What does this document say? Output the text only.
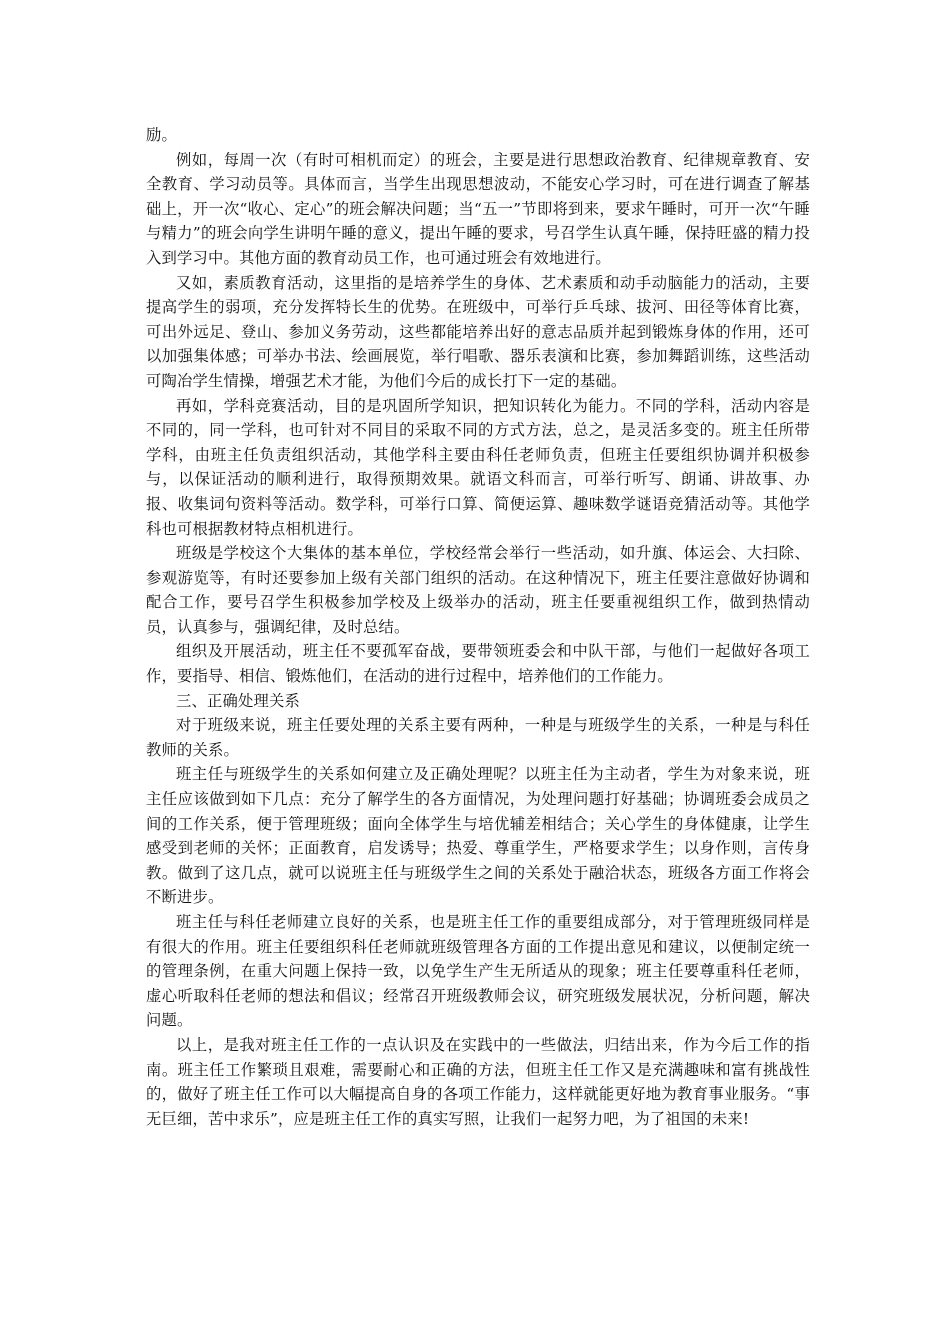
励。

例如，每周一次（有时可相机而定）的班会，主要是进行思想政治教育、纪律规章教育、安全教育、学习动员等。具体而言，当学生出现思想波动，不能安心学习时，可在进行调查了解基础上，开一次“收心、定心”的班会解决问题；当“五一”节即将到来，要求午睡时，可开一次“午睡与精力”的班会向学生讲明午睡的意义，提出午睡的要求，号召学生认真午睡，保持旺盛的精力投入到学习中。其他方面的教育动员工作，也可通过班会有效地进行。

又如，素质教育活动，这里指的是培养学生的身体、艺术素质和动手动脑能力的活动，主要提高学生的弱项，充分发挥特长生的优势。在班级中，可举行乒乓球、拔河、田径等体育比赛，可出外远足、登山、参加义务劳动，这些都能培养出好的意志品质并起到锻炼身体的作用，还可以加强集体感；可举办书法、绘画展览，举行唱歌、器乐表演和比赛，参加舞蹈训练，这些活动可陶冶学生情操，增强艺术才能，为他们今后的成长打下一定的基础。

再如，学科竞赛活动，目的是巩固所学知识，把知识转化为能力。不同的学科，活动内容是不同的，同一学科，也可针对不同目的采取不同的方式方法，总之，是灵活多变的。班主任所带学科，由班主任负责组织活动，其他学科主要由科任老师负责，但班主任要组织协调并积极参与，以保证活动的顺利进行，取得预期效果。就语文科而言，可举行听写、朗诵、讲故事、办报、收集词句资料等活动。数学科，可举行口算、简便运算、趣味数学谜语竞猜活动等。其他学科也可根据教材特点相机进行。

班级是学校这个大集体的基本单位，学校经常会举行一些活动，如升旗、体运会、大扫除、参观游览等，有时还要参加上级有关部门组织的活动。在这种情况下，班主任要注意做好协调和配合工作，要号召学生积极参加学校及上级举办的活动，班主任要重视组织工作，做到热情动员，认真参与，强调纪律，及时总结。

组织及开展活动，班主任不要孤军奋战，要带领班委会和中队干部，与他们一起做好各项工作，要指导、相信、锻炼他们，在活动的进行过程中，培养他们的工作能力。

三、正确处理关系

对于班级来说，班主任要处理的关系主要有两种，一种是与班级学生的关系，一种是与科任教师的关系。

班主任与班级学生的关系如何建立及正确处理呢？以班主任为主动者，学生为对象来说，班主任应该做到如下几点：充分了解学生的各方面情况，为处理问题打好基础；协调班委会成员之间的工作关系，便于管理班级；面向全体学生与培优辅差相结合；关心学生的身体健康，让学生感受到老师的关怀；正面教育，启发诱导；热爱、尊重学生，严格要求学生；以身作则，言传身教。做到了这几点，就可以说班主任与班级学生之间的关系处于融洽状态，班级各方面工作将会不断进步。

班主任与科任老师建立良好的关系，也是班主任工作的重要组成部分，对于管理班级同样是有很大的作用。班主任要组织科任老师就班级管理各方面的工作提出意见和建议，以便制定统一的管理条例，在重大问题上保持一致，以免学生产生无所适从的现象；班主任要尊重科任老师，虚心听取科任老师的想法和倡议；经常召开班级教师会议，研究班级发展状况，分析问题，解决问题。

以上，是我对班主任工作的一点认识及在实践中的一些做法，归结出来，作为今后工作的指南。班主任工作繁琐且艰难，需要耐心和正确的方法，但班主任工作又是充满趣味和富有挑战性的，做好了班主任工作可以大幅提高自身的各项工作能力，这样就能更好地为教育事业服务。“事无巨细，苦中求乐”，应是班主任工作的真实写照，让我们一起努力吧，为了祖国的未来!
